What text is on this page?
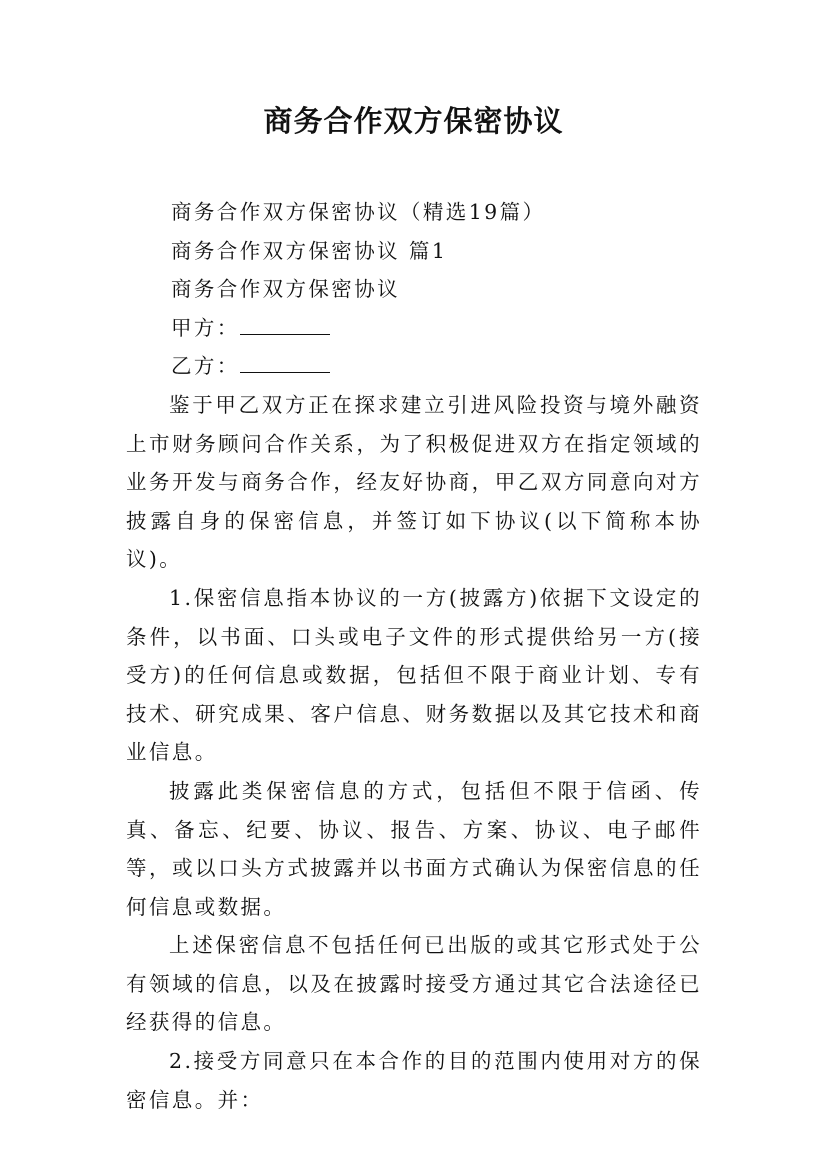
商务合作双方保密协议
商务合作双方保密协议（精选19篇）
商务合作双方保密协议 篇1
商务合作双方保密协议
甲方：
乙方：

鉴于甲乙双方正在探求建立引进风险投资与境外融资上市财务顾问合作关系，为了积极促进双方在指定领域的业务开发与商务合作，经友好协商，甲乙双方同意向对方披露自身的保密信息，并签订如下协议(以下简称本协议)。

1.保密信息指本协议的一方(披露方)依据下文设定的条件，以书面、口头或电子文件的形式提供给另一方(接受方)的任何信息或数据，包括但不限于商业计划、专有技术、研究成果、客户信息、财务数据以及其它技术和商业信息。

披露此类保密信息的方式，包括但不限于信函、传真、备忘、纪要、协议、报告、方案、协议、电子邮件等，或以口头方式披露并以书面方式确认为保密信息的任何信息或数据。

上述保密信息不包括任何已出版的或其它形式处于公有领域的信息，以及在披露时接受方通过其它合法途径已经获得的信息。

2.接受方同意只在本合作的目的范围内使用对方的保密信息。并：
